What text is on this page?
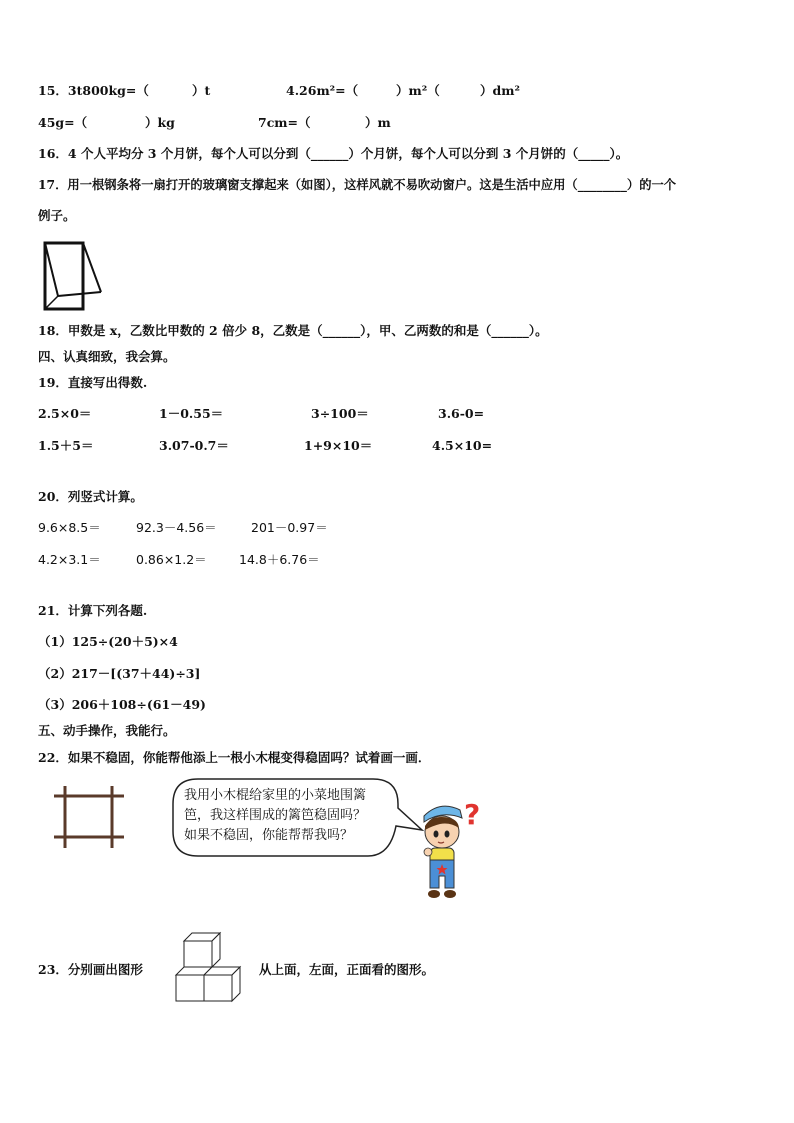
15．3t800kg=（	）t	4.26m²=（	）m²（	）dm²
45g=（	）kg	7cm=（	）m
16．4 个人平均分 3 个月饼，每个人可以分到（______）个月饼，每个人可以分到 3 个月饼的（_____）。
17．用一根钢条将一扇打开的玻璃窗支撑起来（如图），这样风就不易吹动窗户。这是生活中应用（________）的一个
例子。
18．甲数是 x，乙数比甲数的 2 倍少 8，乙数是（______），甲、乙两数的和是（______）。
四、认真细致，我会算。
19．直接写出得数.
2.5×0＝	1－0.55＝	3÷100＝	3.6-0=
1.5＋5＝	3.07-0.7＝	1+9×10＝	4.5×10=
20．列竖式计算。
9.6×8.5＝	92.3－4.56＝	201－0.97＝
4.2×3.1＝	0.86×1.2＝	14.8＋6.76＝
21．计算下列各题.
（1）125÷(20＋5)×4
（2）217－[(37＋44)÷3]
（3）206＋108÷(61－49)
五、动手操作，我能行。
22．如果不稳固，你能帮他添上一根小木棍变得稳固吗？试着画一画．
我用小木棍给家里的小菜地围篱
笆，我这样围成的篱笆稳固吗？
如果不稳固，你能帮帮我吗？
?
23．分别画出图形	从上面，左面，正面看的图形。
